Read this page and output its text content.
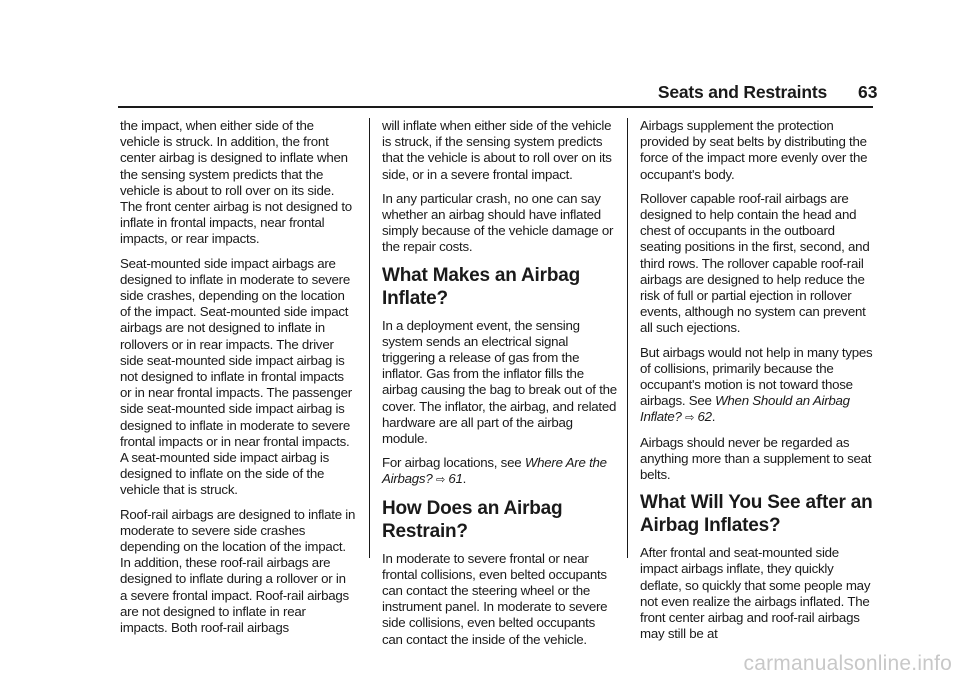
Seats and Restraints 63

the impact, when either side of the vehicle is struck. In addition, the front center airbag is designed to inflate when the sensing system predicts that the vehicle is about to roll over on its side. The front center airbag is not designed to inflate in frontal impacts, near frontal impacts, or rear impacts.

Seat-mounted side impact airbags are designed to inflate in moderate to severe side crashes, depending on the location of the impact. Seat-mounted side impact airbags are not designed to inflate in rollovers or in rear impacts. The driver side seat-mounted side impact airbag is not designed to inflate in frontal impacts or in near frontal impacts. The passenger side seat-mounted side impact airbag is designed to inflate in moderate to severe frontal impacts or in near frontal impacts.

A seat-mounted side impact airbag is designed to inflate on the side of the vehicle that is struck.

Roof-rail airbags are designed to inflate in moderate to severe side crashes depending on the location of the impact. In addition, these roof-rail airbags are designed to inflate during a rollover or in a severe frontal impact. Roof-rail airbags are not designed to inflate in rear impacts. Both roof-rail airbags

will inflate when either side of the vehicle is struck, if the sensing system predicts that the vehicle is about to roll over on its side, or in a severe frontal impact.

In any particular crash, no one can say whether an airbag should have inflated simply because of the vehicle damage or the repair costs.

What Makes an Airbag Inflate?

In a deployment event, the sensing system sends an electrical signal triggering a release of gas from the inflator. Gas from the inflator fills the airbag causing the bag to break out of the cover. The inflator, the airbag, and related hardware are all part of the airbag module.

For airbag locations, see Where Are the Airbags? ⇨ 61.

How Does an Airbag Restrain?

In moderate to severe frontal or near frontal collisions, even belted occupants can contact the steering wheel or the instrument panel. In moderate to severe side collisions, even belted occupants can contact the inside of the vehicle.

Airbags supplement the protection provided by seat belts by distributing the force of the impact more evenly over the occupant's body.

Rollover capable roof-rail airbags are designed to help contain the head and chest of occupants in the outboard seating positions in the first, second, and third rows. The rollover capable roof-rail airbags are designed to help reduce the risk of full or partial ejection in rollover events, although no system can prevent all such ejections.

But airbags would not help in many types of collisions, primarily because the occupant's motion is not toward those airbags. See When Should an Airbag Inflate? ⇨ 62.

Airbags should never be regarded as anything more than a supplement to seat belts.

What Will You See after an Airbag Inflates?

After frontal and seat-mounted side impact airbags inflate, they quickly deflate, so quickly that some people may not even realize the airbags inflated. The front center airbag and roof-rail airbags may still be at

carmanualsonline.info
